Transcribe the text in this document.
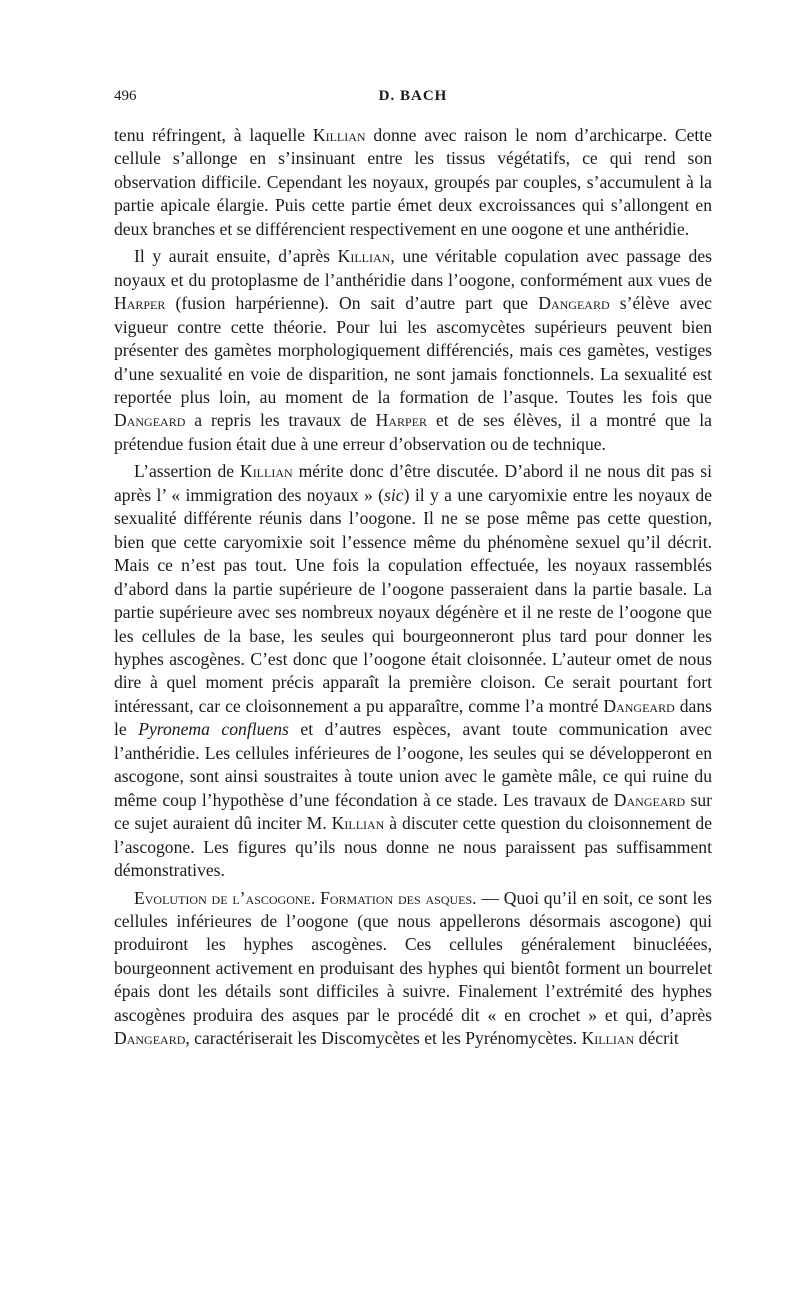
496	D. BACH

tenu réfringent, à laquelle Killian donne avec raison le nom d’archicarpe. Cette cellule s’allonge en s’insinuant entre les tissus végétatifs, ce qui rend son observation difficile. Cependant les noyaux, groupés par couples, s’accumulent à la partie apicale élargie. Puis cette partie émet deux excroissances qui s’allongent en deux branches et se différencient respectivement en une oogone et une anthéridie.

Il y aurait ensuite, d’après Killian, une véritable copulation avec passage des noyaux et du protoplasme de l’anthéridie dans l’oogone, conformément aux vues de Harper (fusion harpérienne). On sait d’autre part que Dangeard s’élève avec vigueur contre cette théorie. Pour lui les ascomycètes supérieurs peuvent bien présenter des gamètes morphologiquement différenciés, mais ces gamètes, vestiges d’une sexualité en voie de disparition, ne sont jamais fonctionnels. La sexualité est reportée plus loin, au moment de la formation de l’asque. Toutes les fois que Dangeard a repris les travaux de Harper et de ses élèves, il a montré que la prétendue fusion était due à une erreur d’observation ou de technique.

L’assertion de Killian mérite donc d’être discutée. D’abord il ne nous dit pas si après l’ « immigration des noyaux » (sic) il y a une caryomixie entre les noyaux de sexualité différente réunis dans l’oogone. Il ne se pose même pas cette question, bien que cette caryomixie soit l’essence même du phénomène sexuel qu’il décrit. Mais ce n’est pas tout. Une fois la copulation effectuée, les noyaux rassemblés d’abord dans la partie supérieure de l’oogone passeraient dans la partie basale. La partie supérieure avec ses nombreux noyaux dégénère et il ne reste de l’oogone que les cellules de la base, les seules qui bourgeonneront plus tard pour donner les hyphes ascogènes. C’est donc que l’oogone était cloisonnée. L’auteur omet de nous dire à quel moment précis apparaît la première cloison. Ce serait pourtant fort intéressant, car ce cloisonnement a pu apparaître, comme l’a montré Dangeard dans le Pyronema confluens et d’autres espèces, avant toute communication avec l’anthéridie. Les cellules inférieures de l’oogone, les seules qui se développeront en ascogone, sont ainsi soustraites à toute union avec le gamète mâle, ce qui ruine du même coup l’hypothèse d’une fécondation à ce stade. Les travaux de Dangeard sur ce sujet auraient dû inciter M. Killian à discuter cette question du cloisonnement de l’ascogone. Les figures qu’ils nous donne ne nous paraissent pas suffisamment démonstratives.

Evolution de l’ascogone. Formation des asques. — Quoi qu’il en soit, ce sont les cellules inférieures de l’oogone (que nous appellerons désormais ascogone) qui produiront les hyphes ascogènes. Ces cellules généralement binucléées, bourgeonnent activement en produisant des hyphes qui bientôt forment un bourrelet épais dont les détails sont difficiles à suivre. Finalement l’extrémité des hyphes ascogènes produira des asques par le procédé dit « en crochet » et qui, d’après Dangeard, caractériserait les Discomycètes et les Pyrénomycètes. Killian décrit
